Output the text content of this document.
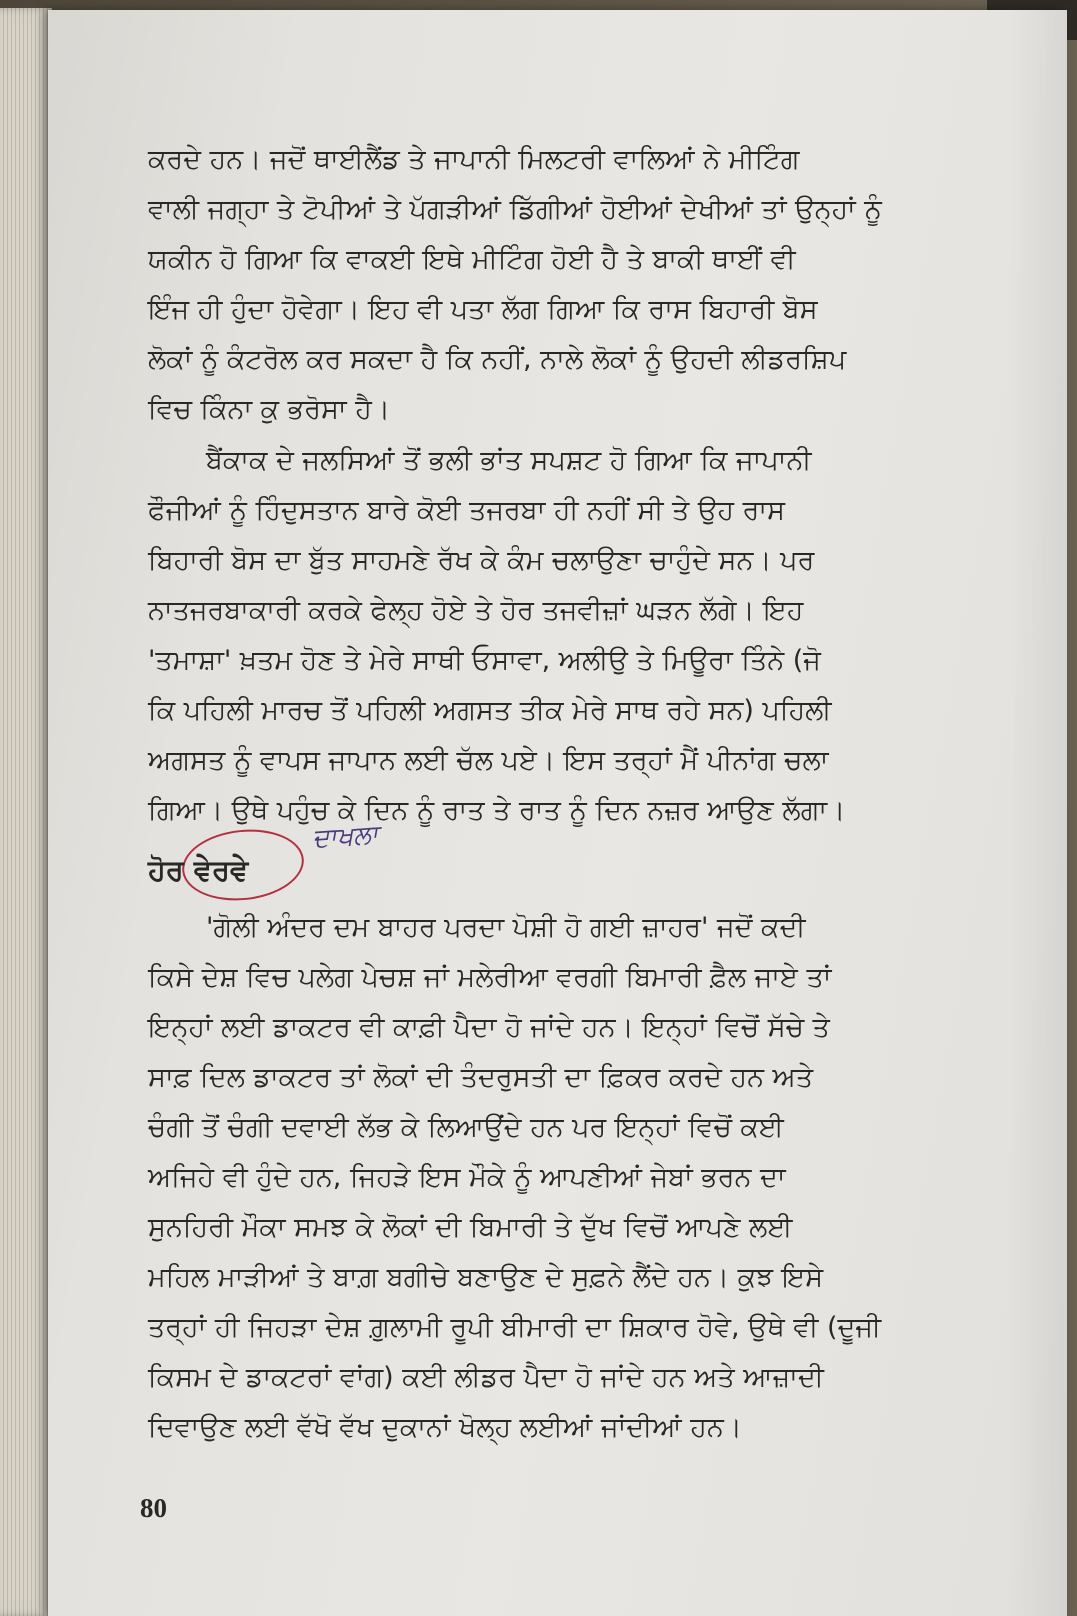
ਕਰਦੇ ਹਨ। ਜਦੋਂ ਥਾਈਲੈਂਡ ਤੇ ਜਾਪਾਨੀ ਮਿਲਟਰੀ ਵਾਲਿਆਂ ਨੇ ਮੀਟਿੰਗ
ਵਾਲੀ ਜਗ੍ਹਾ ਤੇ ਟੋਪੀਆਂ ਤੇ ਪੱਗੜੀਆਂ ਡਿੱਗੀਆਂ ਹੋਈਆਂ ਦੇਖੀਆਂ ਤਾਂ ਉਨ੍ਹਾਂ ਨੂੰ
ਯਕੀਨ ਹੋ ਗਿਆ ਕਿ ਵਾਕਈ ਇਥੇ ਮੀਟਿੰਗ ਹੋਈ ਹੈ ਤੇ ਬਾਕੀ ਥਾਈਂ ਵੀ
ਇੰਜ ਹੀ ਹੁੰਦਾ ਹੋਵੇਗਾ। ਇਹ ਵੀ ਪਤਾ ਲੱਗ ਗਿਆ ਕਿ ਰਾਸ ਬਿਹਾਰੀ ਬੋਸ
ਲੋਕਾਂ ਨੂੰ ਕੰਟਰੋਲ ਕਰ ਸਕਦਾ ਹੈ ਕਿ ਨਹੀਂ, ਨਾਲੇ ਲੋਕਾਂ ਨੂੰ ਉਹਦੀ ਲੀਡਰਸ਼ਿਪ
ਵਿਚ ਕਿੰਨਾ ਕੁ ਭਰੋਸਾ ਹੈ।
ਬੈਂਕਾਕ ਦੇ ਜਲਸਿਆਂ ਤੋਂ ਭਲੀ ਭਾਂਤ ਸਪਸ਼ਟ ਹੋ ਗਿਆ ਕਿ ਜਾਪਾਨੀ
ਫੌਜੀਆਂ ਨੂੰ ਹਿੰਦੁਸਤਾਨ ਬਾਰੇ ਕੋਈ ਤਜਰਬਾ ਹੀ ਨਹੀਂ ਸੀ ਤੇ ਉਹ ਰਾਸ
ਬਿਹਾਰੀ ਬੋਸ ਦਾ ਬੁੱਤ ਸਾਹਮਣੇ ਰੱਖ ਕੇ ਕੰਮ ਚਲਾਉਣਾ ਚਾਹੁੰਦੇ ਸਨ। ਪਰ
ਨਾਤਜਰਬਾਕਾਰੀ ਕਰਕੇ ਫੇਲ੍ਹ ਹੋਏ ਤੇ ਹੋਰ ਤਜਵੀਜ਼ਾਂ ਘੜਨ ਲੱਗੇ। ਇਹ
'ਤਮਾਸ਼ਾ' ਖ਼ਤਮ ਹੋਣ ਤੇ ਮੇਰੇ ਸਾਥੀ ਓਸਾਵਾ, ਅਲੀਉ ਤੇ ਮਿਊਰਾ ਤਿੰਨੇ (ਜੋ
ਕਿ ਪਹਿਲੀ ਮਾਰਚ ਤੋਂ ਪਹਿਲੀ ਅਗਸਤ ਤੀਕ ਮੇਰੇ ਸਾਥ ਰਹੇ ਸਨ) ਪਹਿਲੀ
ਅਗਸਤ ਨੂੰ ਵਾਪਸ ਜਾਪਾਨ ਲਈ ਚੱਲ ਪਏ। ਇਸ ਤਰ੍ਹਾਂ ਮੈਂ ਪੀਨਾਂਗ ਚਲਾ
ਗਿਆ। ਉਥੇ ਪਹੁੰਚ ਕੇ ਦਿਨ ਨੂੰ ਰਾਤ ਤੇ ਰਾਤ ਨੂੰ ਦਿਨ ਨਜ਼ਰ ਆਉਣ ਲੱਗਾ।
ਹੋਰ ਵੇਰਵੇ
ਦਾਖਲਾ
'ਗੋਲੀ ਅੰਦਰ ਦਮ ਬਾਹਰ ਪਰਦਾ ਪੋਸ਼ੀ ਹੋ ਗਈ ਜ਼ਾਹਰ' ਜਦੋਂ ਕਦੀ
ਕਿਸੇ ਦੇਸ਼ ਵਿਚ ਪਲੇਗ ਪੇਚਸ਼ ਜਾਂ ਮਲੇਰੀਆ ਵਰਗੀ ਬਿਮਾਰੀ ਫ਼ੈਲ ਜਾਏ ਤਾਂ
ਇਨ੍ਹਾਂ ਲਈ ਡਾਕਟਰ ਵੀ ਕਾਫ਼ੀ ਪੈਦਾ ਹੋ ਜਾਂਦੇ ਹਨ। ਇਨ੍ਹਾਂ ਵਿਚੋਂ ਸੱਚੇ ਤੇ
ਸਾਫ਼ ਦਿਲ ਡਾਕਟਰ ਤਾਂ ਲੋਕਾਂ ਦੀ ਤੰਦਰੁਸਤੀ ਦਾ ਫ਼ਿਕਰ ਕਰਦੇ ਹਨ ਅਤੇ
ਚੰਗੀ ਤੋਂ ਚੰਗੀ ਦਵਾਈ ਲੱਭ ਕੇ ਲਿਆਉਂਦੇ ਹਨ ਪਰ ਇਨ੍ਹਾਂ ਵਿਚੋਂ ਕਈ
ਅਜਿਹੇ ਵੀ ਹੁੰਦੇ ਹਨ, ਜਿਹੜੇ ਇਸ ਮੌਕੇ ਨੂੰ ਆਪਣੀਆਂ ਜੇਬਾਂ ਭਰਨ ਦਾ
ਸੁਨਹਿਰੀ ਮੌਕਾ ਸਮਝ ਕੇ ਲੋਕਾਂ ਦੀ ਬਿਮਾਰੀ ਤੇ ਦੁੱਖ ਵਿਚੋਂ ਆਪਣੇ ਲਈ
ਮਹਿਲ ਮਾੜੀਆਂ ਤੇ ਬਾਗ਼ ਬਗੀਚੇ ਬਣਾਉਣ ਦੇ ਸੁਫ਼ਨੇ ਲੈਂਦੇ ਹਨ। ਕੁਝ ਇਸੇ
ਤਰ੍ਹਾਂ ਹੀ ਜਿਹੜਾ ਦੇਸ਼ ਗ਼ੁਲਾਮੀ ਰੂਪੀ ਬੀਮਾਰੀ ਦਾ ਸ਼ਿਕਾਰ ਹੋਵੇ, ਉਥੇ ਵੀ (ਦੂਜੀ
ਕਿਸਮ ਦੇ ਡਾਕਟਰਾਂ ਵਾਂਗ) ਕਈ ਲੀਡਰ ਪੈਦਾ ਹੋ ਜਾਂਦੇ ਹਨ ਅਤੇ ਆਜ਼ਾਦੀ
ਦਿਵਾਉਣ ਲਈ ਵੱਖੋ ਵੱਖ ਦੁਕਾਨਾਂ ਖੋਲ੍ਹ ਲਈਆਂ ਜਾਂਦੀਆਂ ਹਨ।
80
